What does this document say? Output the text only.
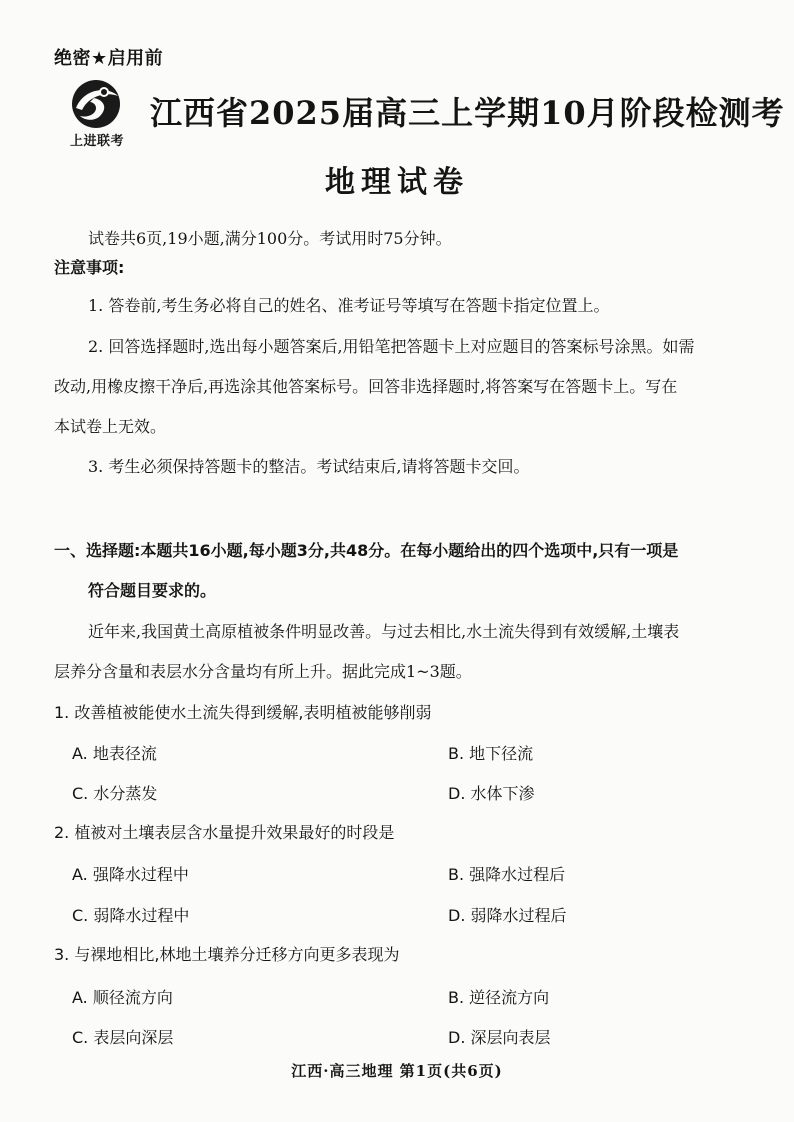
绝密★启用前
上进联考
江西省2025届高三上学期10月阶段检测考
地理试卷
试卷共6页,19小题,满分100分。考试用时75分钟。
注意事项:
1. 答卷前,考生务必将自己的姓名、准考证号等填写在答题卡指定位置上。
2. 回答选择题时,选出每小题答案后,用铅笔把答题卡上对应题目的答案标号涂黑。如需
改动,用橡皮擦干净后,再选涂其他答案标号。回答非选择题时,将答案写在答题卡上。写在
本试卷上无效。
3. 考生必须保持答题卡的整洁。考试结束后,请将答题卡交回。
一、选择题:本题共16小题,每小题3分,共48分。在每小题给出的四个选项中,只有一项是
符合题目要求的。
近年来,我国黄土高原植被条件明显改善。与过去相比,水土流失得到有效缓解,土壤表
层养分含量和表层水分含量均有所上升。据此完成1~3题。
1. 改善植被能使水土流失得到缓解,表明植被能够削弱
A. 地表径流	B. 地下径流
C. 水分蒸发	D. 水体下渗
2. 植被对土壤表层含水量提升效果最好的时段是
A. 强降水过程中	B. 强降水过程后
C. 弱降水过程中	D. 弱降水过程后
3. 与裸地相比,林地土壤养分迁移方向更多表现为
A. 顺径流方向	B. 逆径流方向
C. 表层向深层	D. 深层向表层
江西·高三地理 第1页(共6页)
